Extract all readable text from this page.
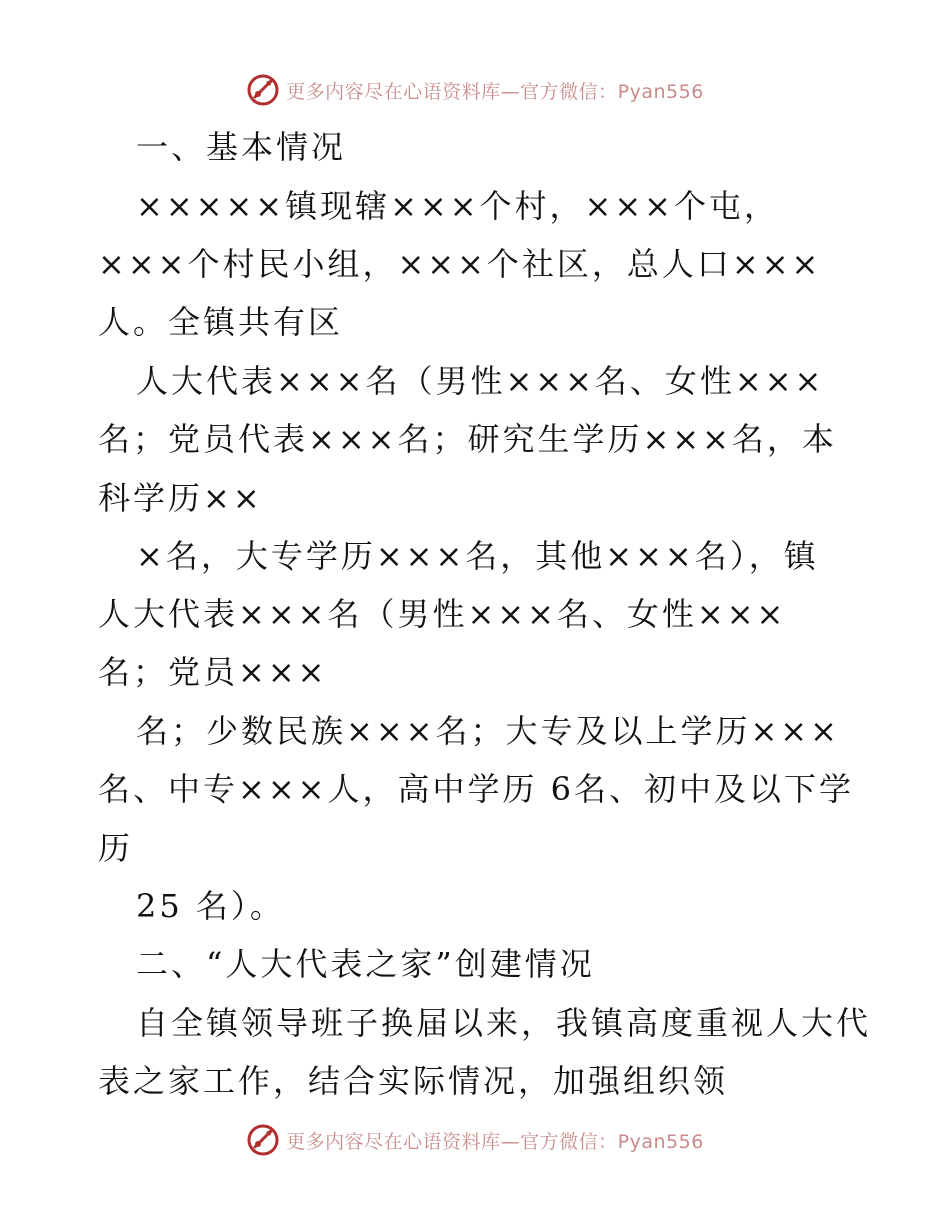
更多内容尽在心语资料库—官方微信：Pyan556
一、基本情况
×××××镇现辖×××个村，×××个屯，
×××个村民小组，×××个社区，总人口×××
人。全镇共有区
人大代表×××名（男性×××名、女性×××
名；党员代表×××名；研究生学历×××名，本
科学历××
×名，大专学历×××名，其他×××名），镇
人大代表×××名（男性×××名、女性×××
名；党员×××
名；少数民族×××名；大专及以上学历×××
名、中专×××人，高中学历 6名、初中及以下学
历
25 名）。
二、“人大代表之家”创建情况
自全镇领导班子换届以来，我镇高度重视人大代
表之家工作，结合实际情况，加强组织领
更多内容尽在心语资料库—官方微信：Pyan556
